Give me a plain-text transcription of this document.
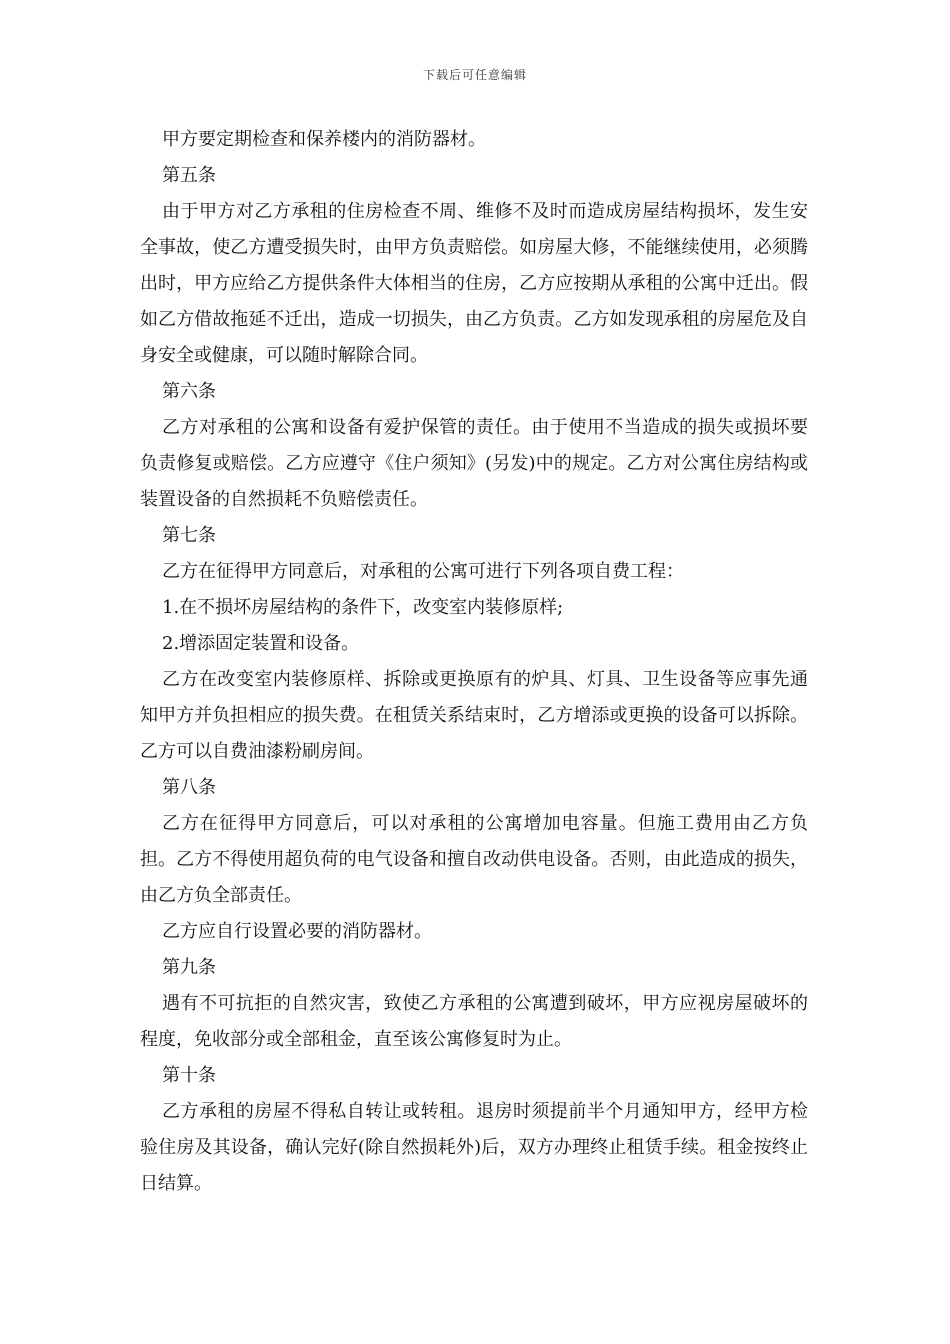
下载后可任意编辑

甲方要定期检查和保养楼内的消防器材。

第五条

由于甲方对乙方承租的住房检查不周、维修不及时而造成房屋结构损坏，发生安全事故，使乙方遭受损失时，由甲方负责赔偿。如房屋大修，不能继续使用，必须腾出时，甲方应给乙方提供条件大体相当的住房，乙方应按期从承租的公寓中迁出。假如乙方借故拖延不迁出，造成一切损失，由乙方负责。乙方如发现承租的房屋危及自身安全或健康，可以随时解除合同。

第六条

乙方对承租的公寓和设备有爱护保管的责任。由于使用不当造成的损失或损坏要负责修复或赔偿。乙方应遵守《住户须知》(另发)中的规定。乙方对公寓住房结构或装置设备的自然损耗不负赔偿责任。

第七条

乙方在征得甲方同意后，对承租的公寓可进行下列各项自费工程：

1.在不损坏房屋结构的条件下，改变室内装修原样;

2.增添固定装置和设备。

乙方在改变室内装修原样、拆除或更换原有的炉具、灯具、卫生设备等应事先通知甲方并负担相应的损失费。在租赁关系结束时，乙方增添或更换的设备可以拆除。乙方可以自费油漆粉刷房间。

第八条

乙方在征得甲方同意后，可以对承租的公寓增加电容量。但施工费用由乙方负担。乙方不得使用超负荷的电气设备和擅自改动供电设备。否则，由此造成的损失，由乙方负全部责任。

乙方应自行设置必要的消防器材。

第九条

遇有不可抗拒的自然灾害，致使乙方承租的公寓遭到破坏，甲方应视房屋破坏的程度，免收部分或全部租金，直至该公寓修复时为止。

第十条

乙方承租的房屋不得私自转让或转租。退房时须提前半个月通知甲方，经甲方检验住房及其设备，确认完好(除自然损耗外)后，双方办理终止租赁手续。租金按终止日结算。
